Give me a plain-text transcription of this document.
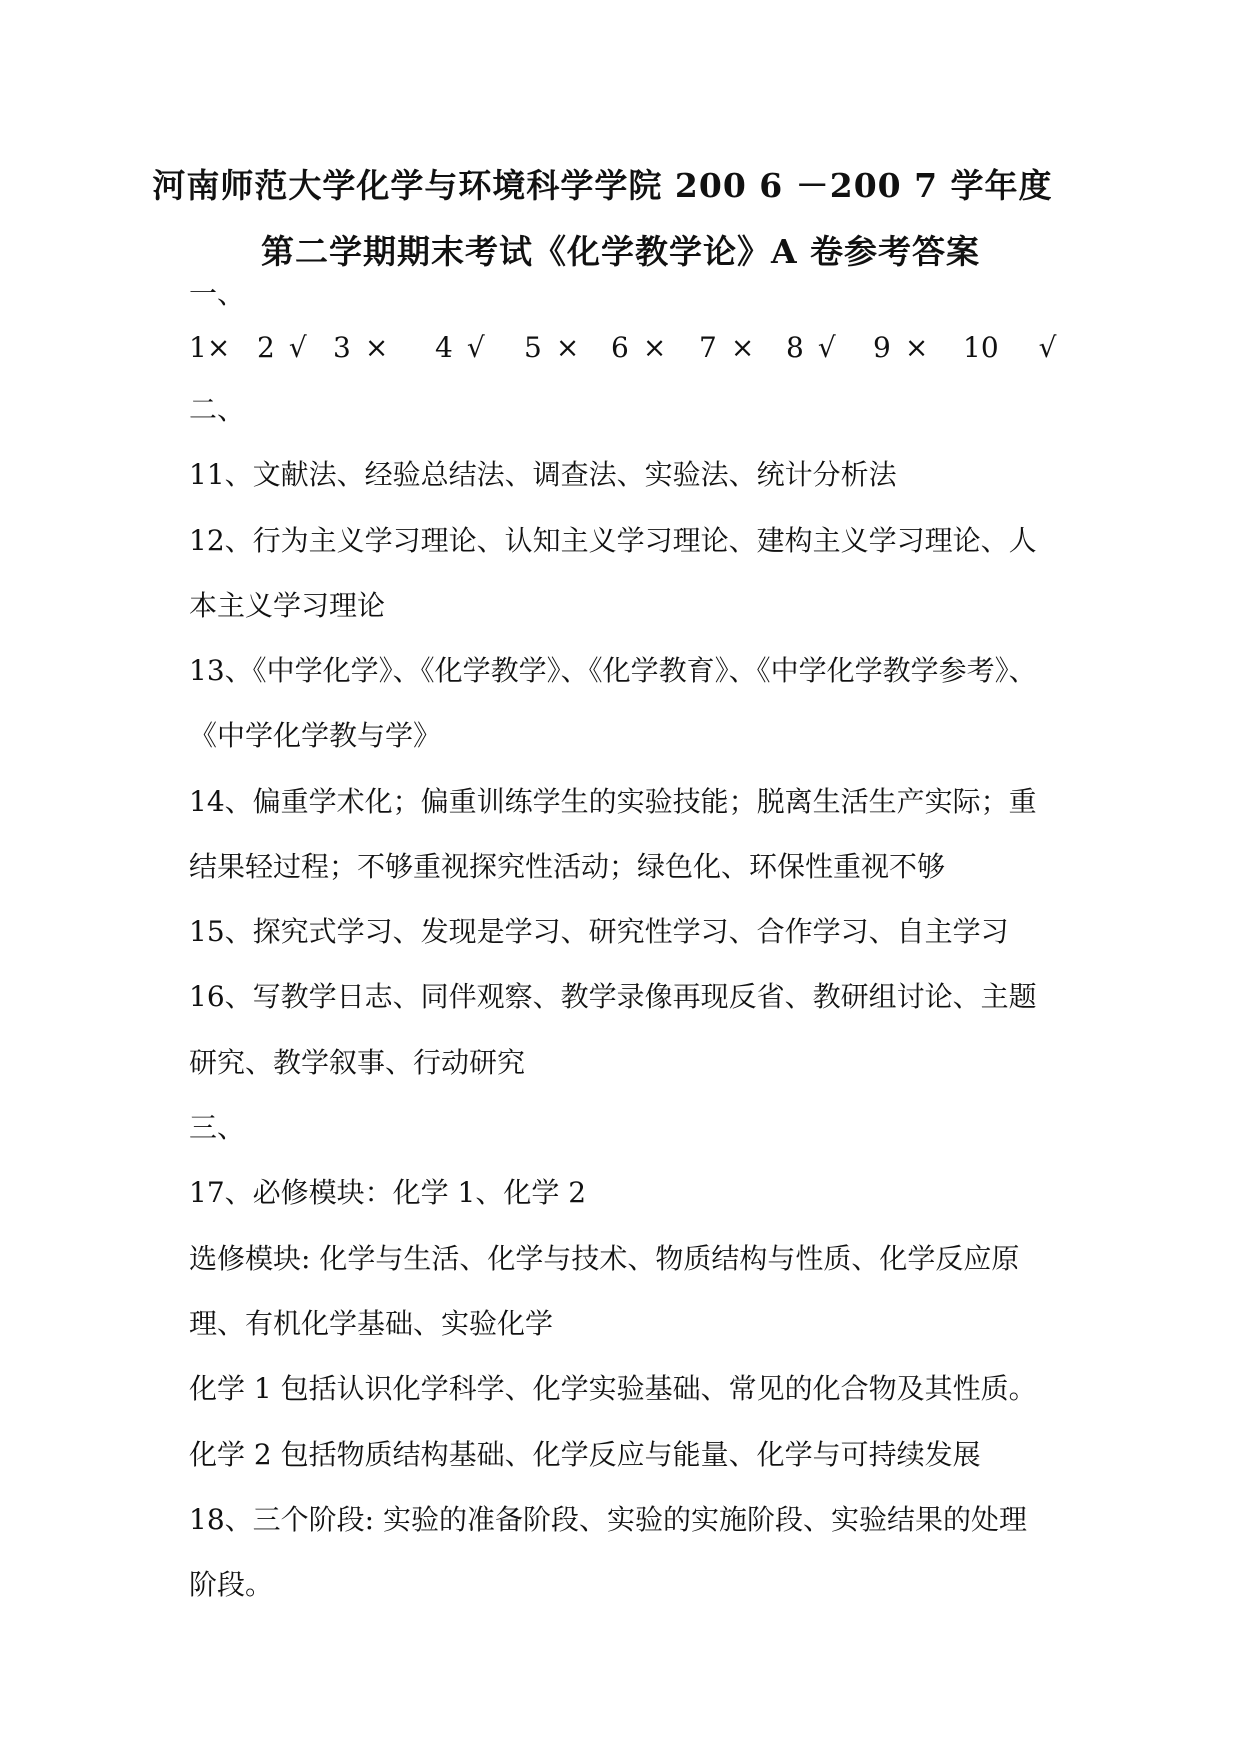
河南师范大学化学与环境科学学院 200 6 －200 7 学年度
第二学期期末考试《化学教学论》A 卷参考答案
一、
1× 2 √ 3 × 4 √ 5 × 6 × 7 × 8 √ 9 × 10 √
二、
11、文献法、经验总结法、调查法、实验法、统计分析法
12、行为主义学习理论、认知主义学习理论、建构主义学习理论、人
本主义学习理论
13、《中学化学》、《化学教学》、《化学教育》、《中学化学教学参考》、
《中学化学教与学》
14、偏重学术化；偏重训练学生的实验技能；脱离生活生产实际；重
结果轻过程；不够重视探究性活动；绿色化、环保性重视不够
15、探究式学习、发现是学习、研究性学习、合作学习、自主学习
16、写教学日志、同伴观察、教学录像再现反省、教研组讨论、主题
研究、教学叙事、行动研究
三、
17、必修模块：化学 1、化学 2
选修模块: 化学与生活、化学与技术、物质结构与性质、化学反应原
理、有机化学基础、实验化学
化学 1 包括认识化学科学、化学实验基础、常见的化合物及其性质。
化学 2 包括物质结构基础、化学反应与能量、化学与可持续发展
18、三个阶段: 实验的准备阶段、实验的实施阶段、实验结果的处理
阶段。
